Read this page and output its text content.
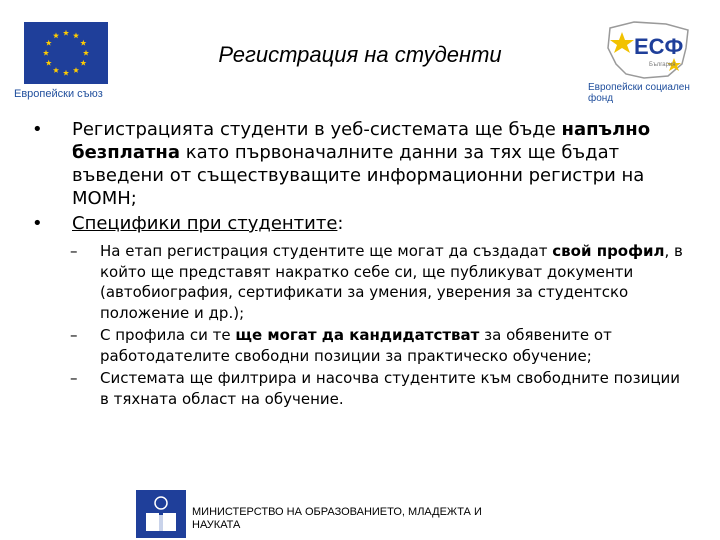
Европейски съюз
Регистрация на студенти	ЕСФ
България
Европейски социален фонд
•	Регистрацията студенти в уеб-системата ще бъде напълно безплатна като първоначалните данни за тях ще бъдат въведени от съществуващите информационни регистри на МОМН;
•	Специфики при студентите:
–	На етап регистрация студентите ще могат да създадат свой профил, в който ще представят накратко себе си, ще публикуват документи (автобиография, сертификати за умения, уверения за студентско положение и др.);
–	С профила си те ще могат да кандидатстват за обявените от работодателите свободни позиции за практическо обучение;
–	Системата ще филтрира и насочва студентите към свободните позиции в тяхната област на обучение.
МИНИСТЕРСТВО НА ОБРАЗОВАНИЕТО, МЛАДЕЖТА И НАУКАТА
